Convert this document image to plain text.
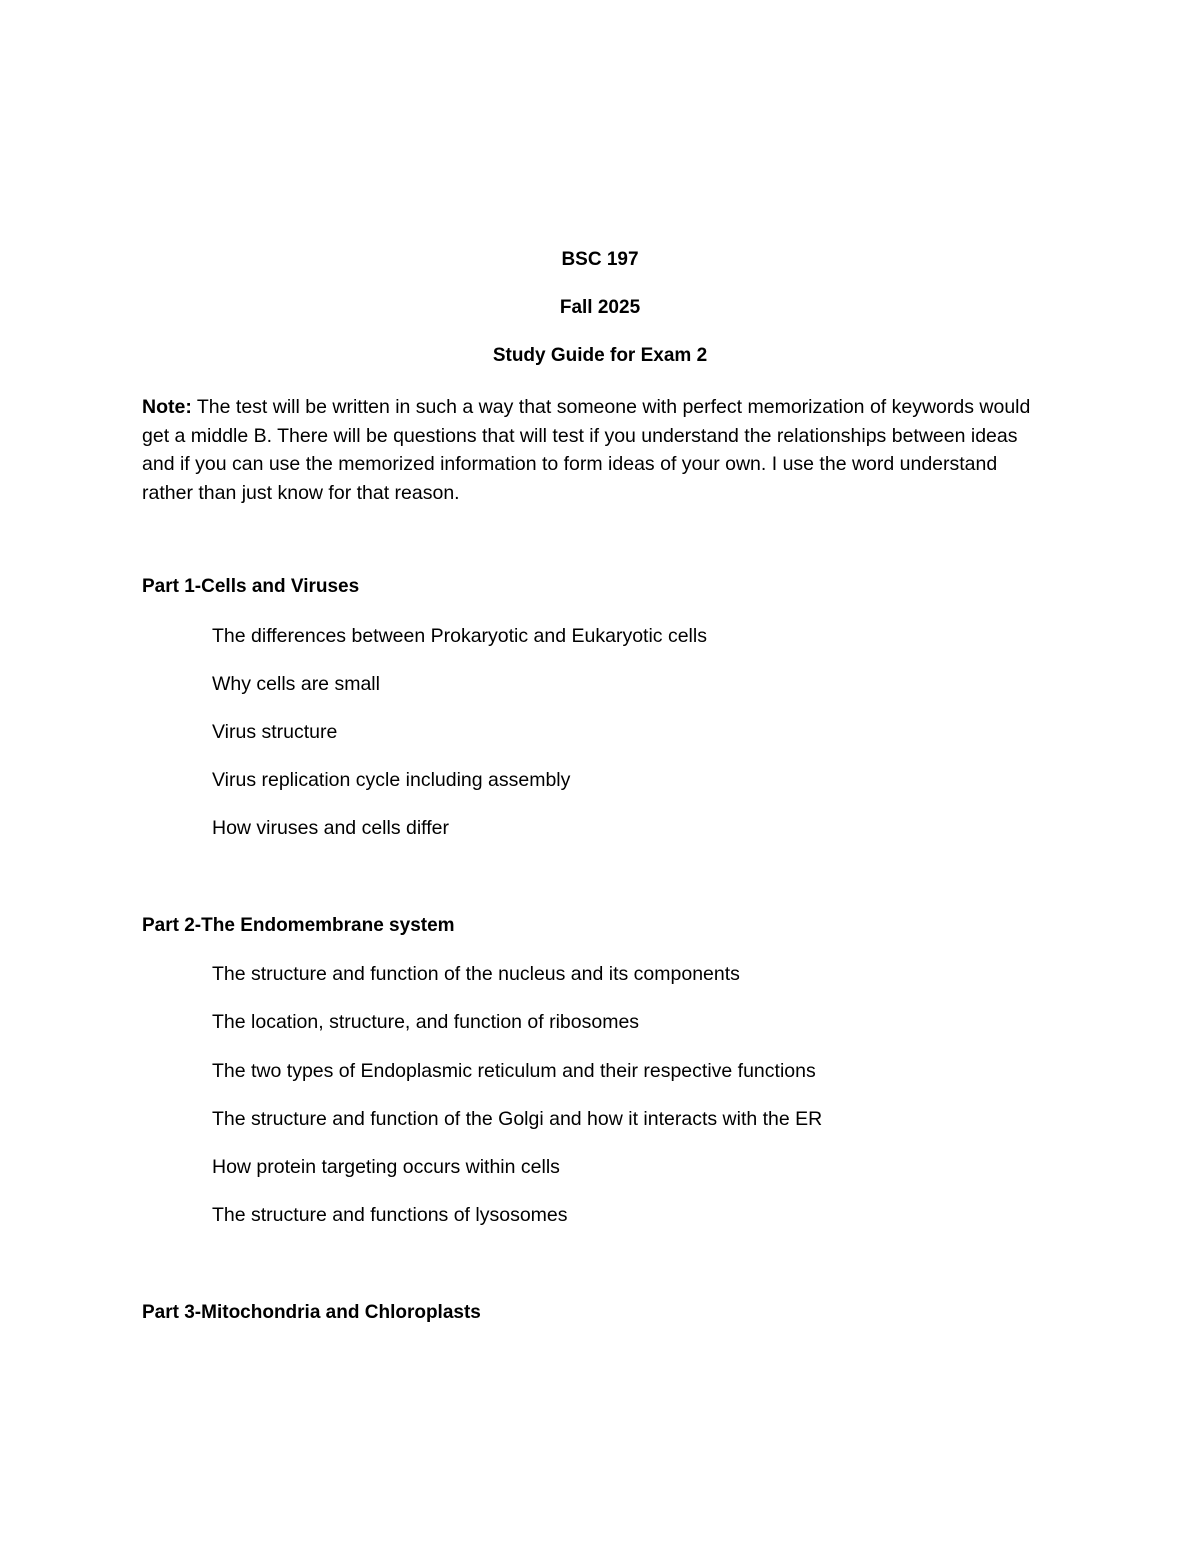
BSC 197
Fall 2025
Study Guide for Exam 2

Note: The test will be written in such a way that someone with perfect memorization of keywords would get a middle B. There will be questions that will test if you understand the relationships between ideas and if you can use the memorized information to form ideas of your own. I use the word understand rather than just know for that reason.

Part 1-Cells and Viruses
The differences between Prokaryotic and Eukaryotic cells
Why cells are small
Virus structure
Virus replication cycle including assembly
How viruses and cells differ
Part 2-The Endomembrane system
The structure and function of the nucleus and its components
The location, structure, and function of ribosomes
The two types of Endoplasmic reticulum and their respective functions
The structure and function of the Golgi and how it interacts with the ER
How protein targeting occurs within cells
The structure and functions of lysosomes
Part 3-Mitochondria and Chloroplasts
